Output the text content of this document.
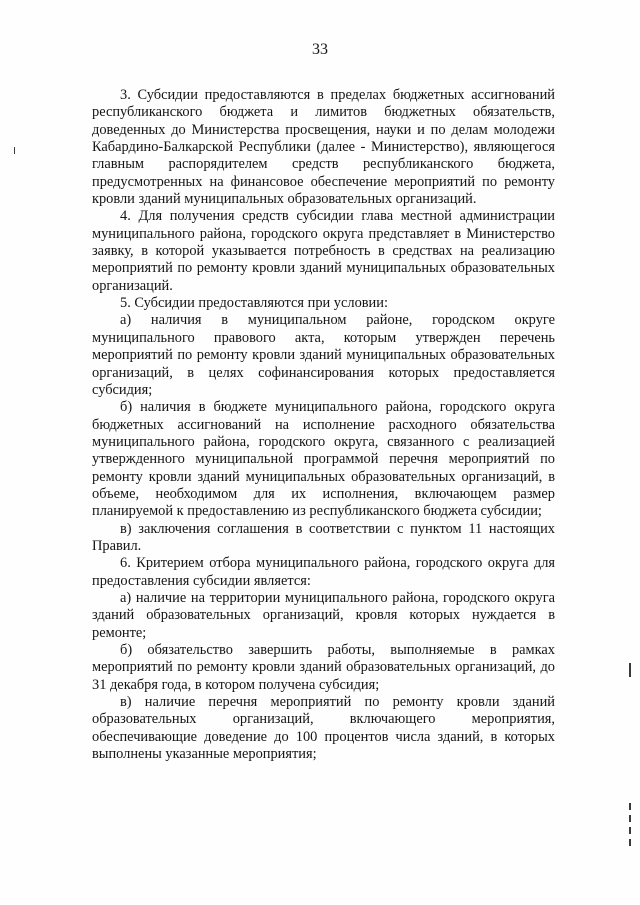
33

3. Субсидии предоставляются в пределах бюджетных ассигнований республиканского бюджета и лимитов бюджетных обязательств, доведенных до Министерства просвещения, науки и по делам молодежи Кабардино-Балкарской Республики (далее - Министерство), являющегося главным распорядителем средств республиканского бюджета, предусмотренных на финансовое обеспечение мероприятий по ремонту кровли зданий муниципальных образовательных организаций.

4. Для получения средств субсидии глава местной администрации муниципального района, городского округа представляет в Министерство заявку, в которой указывается потребность в средствах на реализацию мероприятий по ремонту кровли зданий муниципальных образовательных организаций.

5. Субсидии предоставляются при условии:

а) наличия в муниципальном районе, городском округе муниципального правового акта, которым утвержден перечень мероприятий по ремонту кровли зданий муниципальных образовательных организаций, в целях софинансирования которых предоставляется субсидия;

б) наличия в бюджете муниципального района, городского округа бюджетных ассигнований на исполнение расходного обязательства муниципального района, городского округа, связанного с реализацией утвержденного муниципальной программой перечня мероприятий по ремонту кровли зданий муниципальных образовательных организаций, в объеме, необходимом для их исполнения, включающем размер планируемой к предоставлению из республиканского бюджета субсидии;

в) заключения соглашения в соответствии с пунктом 11 настоящих Правил.

6. Критерием отбора муниципального района, городского округа для предоставления субсидии является:

а) наличие на территории муниципального района, городского округа зданий образовательных организаций, кровля которых нуждается в ремонте;

б) обязательство завершить работы, выполняемые в рамках мероприятий по ремонту кровли зданий образовательных организаций, до 31 декабря года, в котором получена субсидия;

в) наличие перечня мероприятий по ремонту кровли зданий образовательных организаций, включающего мероприятия, обеспечивающие доведение до 100 процентов числа зданий, в которых выполнены указанные мероприятия;
